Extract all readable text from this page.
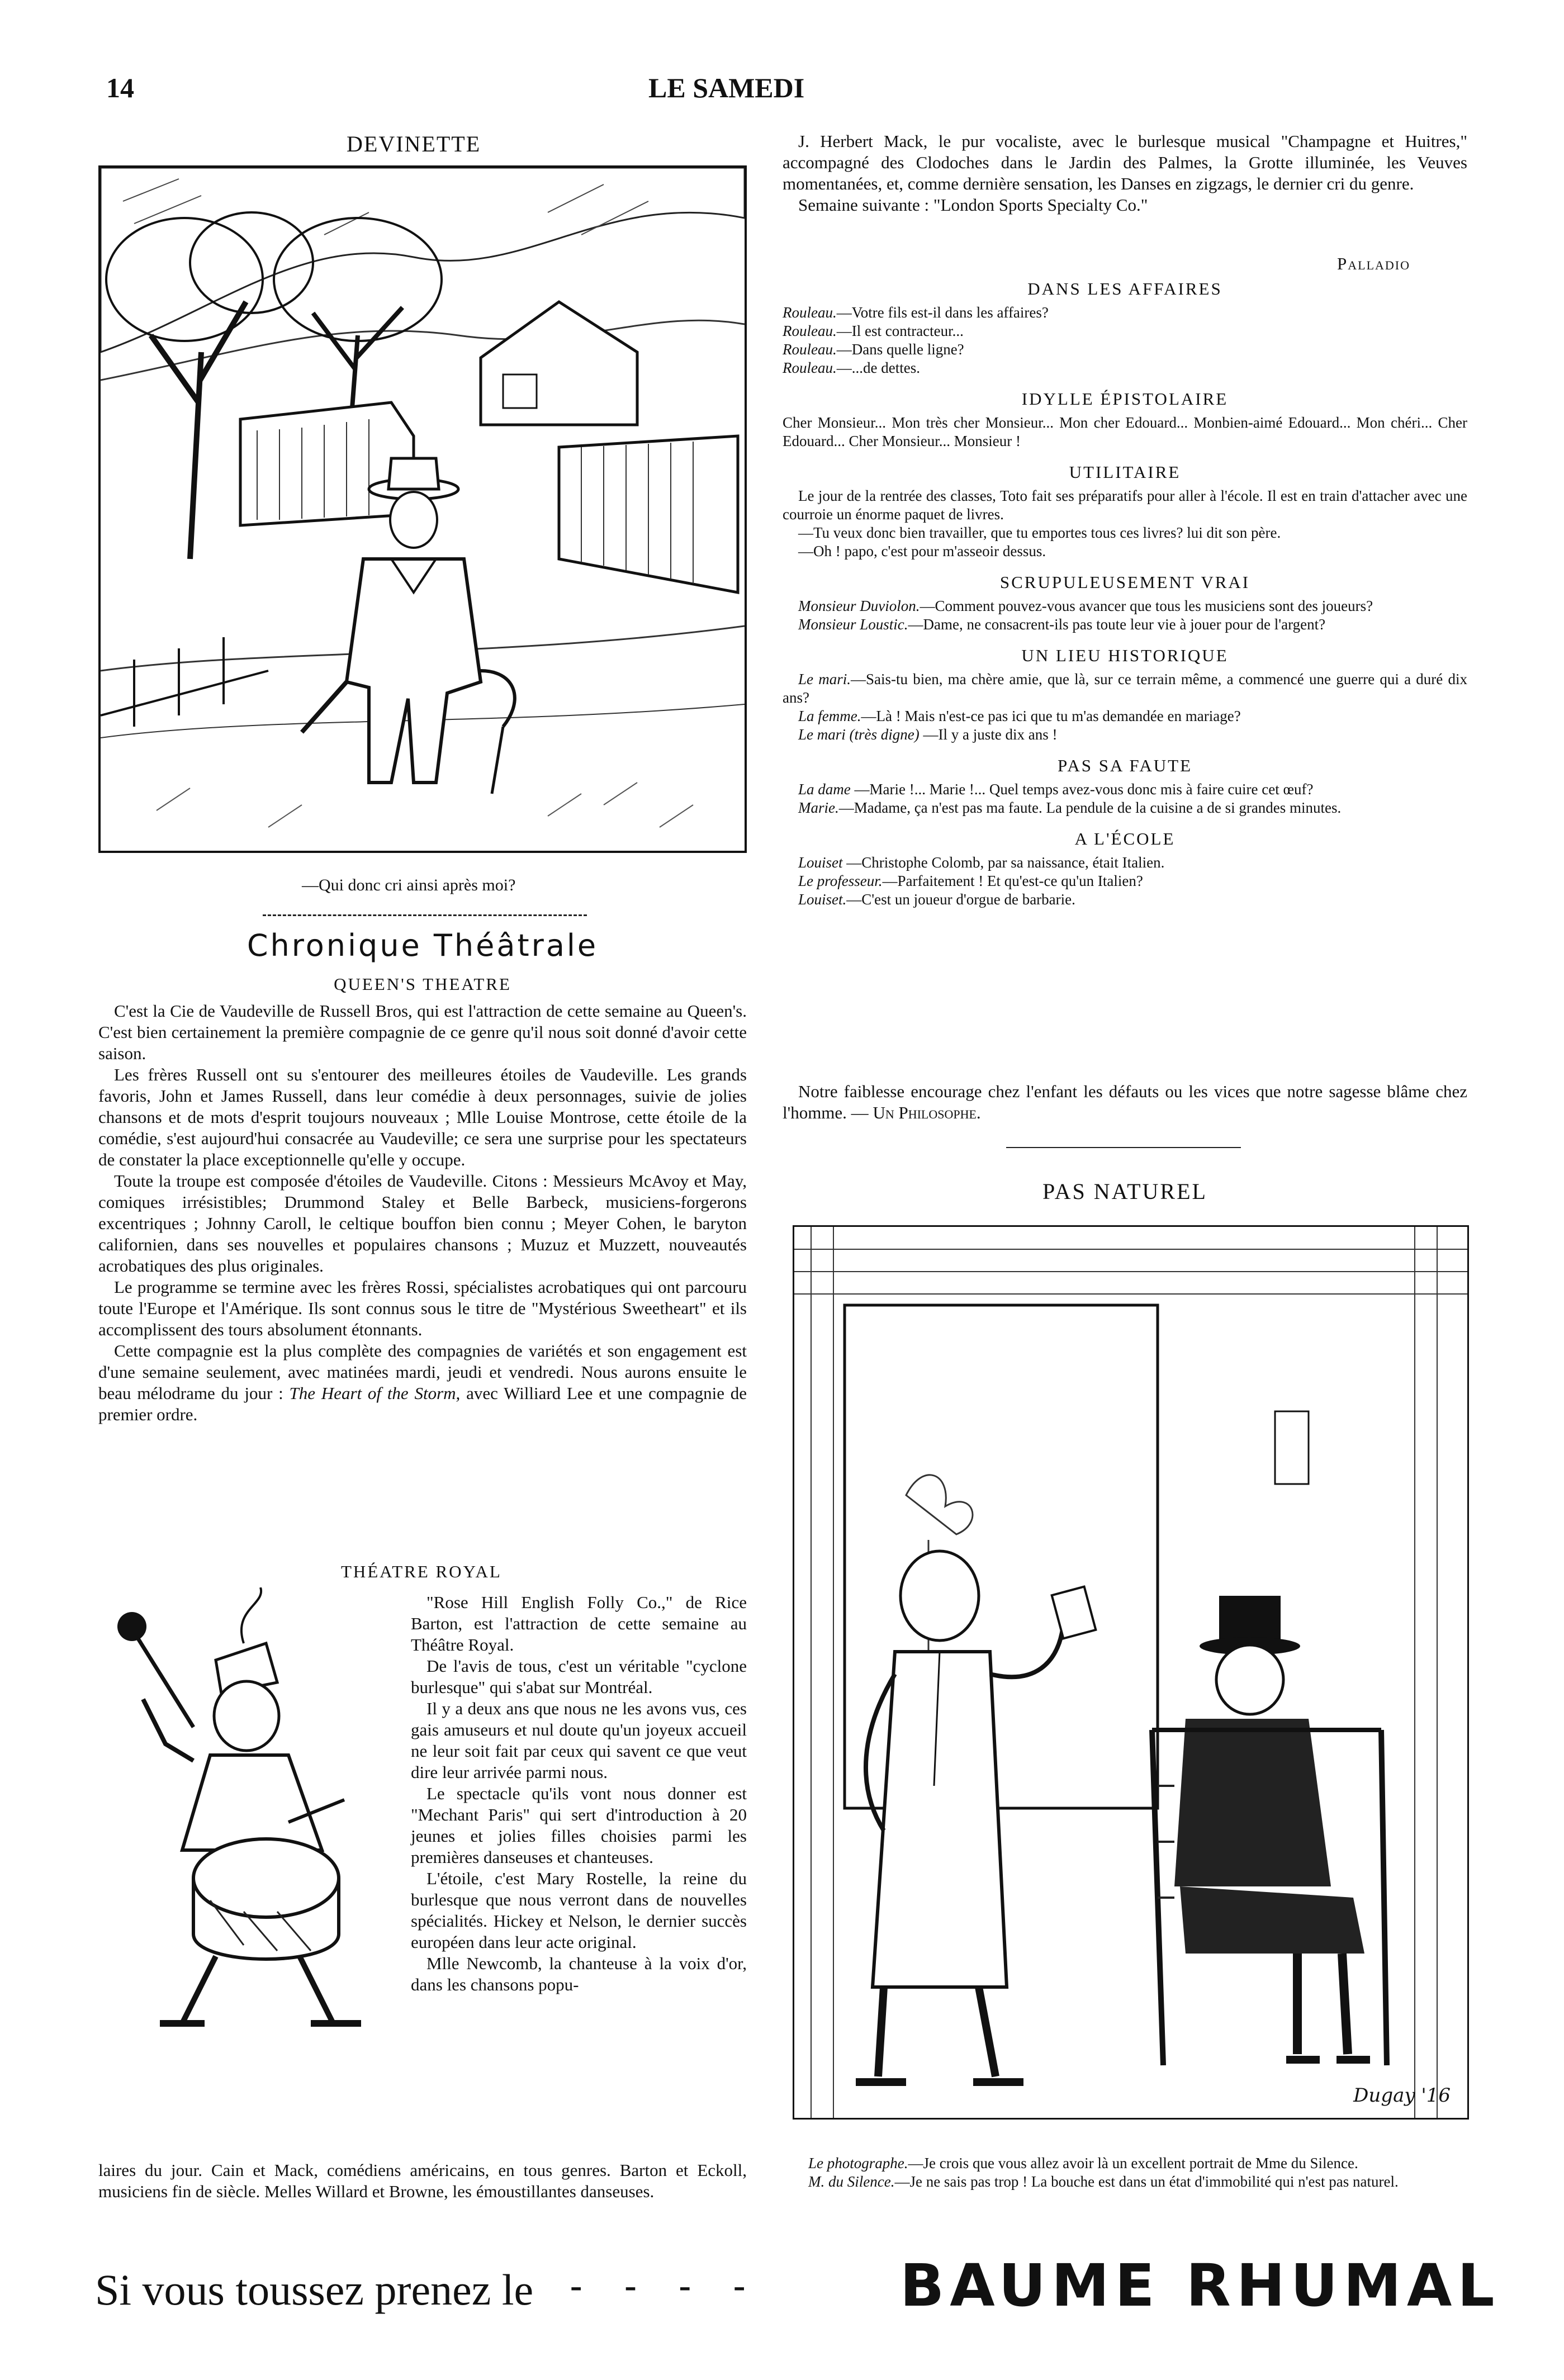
14	LE SAMEDI
DEVINETTE
—Qui donc cri ainsi après moi?
Chronique Théâtrale
QUEEN'S THEATRE

C'est la Cie de Vaudeville de Russell Bros, qui est l'attraction de cette semaine au Queen's. C'est bien certainement la première compagnie de ce genre qu'il nous soit donné d'avoir cette saison.

Les frères Russell ont su s'entourer des meilleures étoiles de Vaudeville. Les grands favoris, John et James Russell, dans leur comédie à deux personnages, suivie de jolies chansons et de mots d'esprit toujours nouveaux ; Mlle Louise Montrose, cette étoile de la comédie, s'est aujourd'hui consacrée au Vaudeville; ce sera une surprise pour les spectateurs de constater la place exceptionnelle qu'elle y occupe.

Toute la troupe est composée d'étoiles de Vaudeville. Citons : Messieurs McAvoy et May, comiques irrésistibles; Drummond Staley et Belle Barbeck, musiciens-forgerons excentriques ; Johnny Caroll, le celtique bouffon bien connu ; Meyer Cohen, le baryton californien, dans ses nouvelles et populaires chansons ; Muzuz et Muzzett, nouveautés acrobatiques des plus originales.

Le programme se termine avec les frères Rossi, spécialistes acrobatiques qui ont parcouru toute l'Europe et l'Amérique. Ils sont connus sous le titre de "Mystérious Sweetheart" et ils accomplissent des tours absolument étonnants.

Cette compagnie est la plus complète des compagnies de variétés et son engagement est d'une semaine seulement, avec matinées mardi, jeudi et vendredi. Nous aurons ensuite le beau mélodrame du jour : The Heart of the Storm, avec Williard Lee et une compagnie de premier ordre.

THÉATRE ROYAL

"Rose Hill English Folly Co.," de Rice Barton, est l'attraction de cette semaine au Théâtre Royal.

De l'avis de tous, c'est un véritable "cyclone burlesque" qui s'abat sur Montréal.

Il y a deux ans que nous ne les avons vus, ces gais amuseurs et nul doute qu'un joyeux accueil ne leur soit fait par ceux qui savent ce que veut dire leur arrivée parmi nous.

Le spectacle qu'ils vont nous donner est "Mechant Paris" qui sert d'introduction à 20 jeunes et jolies filles choisies parmi les premières danseuses et chanteuses.

L'étoile, c'est Mary Rostelle, la reine du burlesque que nous verront dans de nouvelles spécialités. Hickey et Nelson, le dernier succès européen dans leur acte original.

Mlle Newcomb, la chanteuse à la voix d'or, dans les chansons popu-

laires du jour. Cain et Mack, comédiens américains, en tous genres. Barton et Eckoll, musiciens fin de siècle. Melles Willard et Browne, les émoustillantes danseuses.

J. Herbert Mack, le pur vocaliste, avec le burlesque musical "Champagne et Huitres," accompagné des Clodoches dans le Jardin des Palmes, la Grotte illuminée, les Veuves momentanées, et, comme dernière sensation, les Danses en zigzags, le dernier cri du genre.

Semaine suivante : "London Sports Specialty Co."

Palladio
DANS LES AFFAIRES

Rouleau.—Votre fils est-il dans les affaires?

Rouleau.—Il est contracteur...

Rouleau.—Dans quelle ligne?

Rouleau.—...de dettes.

IDYLLE ÉPISTOLAIRE

Cher Monsieur... Mon très cher Monsieur... Mon cher Edouard... Monbien-aimé Edouard... Mon chéri... Cher Edouard... Cher Monsieur... Monsieur !

UTILITAIRE

Le jour de la rentrée des classes, Toto fait ses préparatifs pour aller à l'école. Il est en train d'attacher avec une courroie un énorme paquet de livres.

—Tu veux donc bien travailler, que tu emportes tous ces livres? lui dit son père.

—Oh ! papo, c'est pour m'asseoir dessus.

SCRUPULEUSEMENT VRAI

Monsieur Duviolon.—Comment pouvez-vous avancer que tous les musiciens sont des joueurs?

Monsieur Loustic.—Dame, ne consacrent-ils pas toute leur vie à jouer pour de l'argent?

UN LIEU HISTORIQUE

Le mari.—Sais-tu bien, ma chère amie, que là, sur ce terrain même, a commencé une guerre qui a duré dix ans?

La femme.—Là ! Mais n'est-ce pas ici que tu m'as demandée en mariage?

Le mari (très digne) —Il y a juste dix ans !

PAS SA FAUTE

La dame —Marie !... Marie !... Quel temps avez-vous donc mis à faire cuire cet œuf?

Marie.—Madame, ça n'est pas ma faute. La pendule de la cuisine a de si grandes minutes.

A L'ÉCOLE

Louiset —Christophe Colomb, par sa naissance, était Italien.

Le professeur.—Parfaitement ! Et qu'est-ce qu'un Italien?

Louiset.—C'est un joueur d'orgue de barbarie.

Notre faiblesse encourage chez l'enfant les défauts ou les vices que notre sagesse blâme chez l'homme. — Un Philosophe.

PAS NATUREL
Dugay '16

Le photographe.—Je crois que vous allez avoir là un excellent portrait de Mme du Silence.

M. du Silence.—Je ne sais pas trop ! La bouche est dans un état d'immobilité qui n'est pas naturel.

Si vous toussez prenez le - - - - BAUME RHUMAL
